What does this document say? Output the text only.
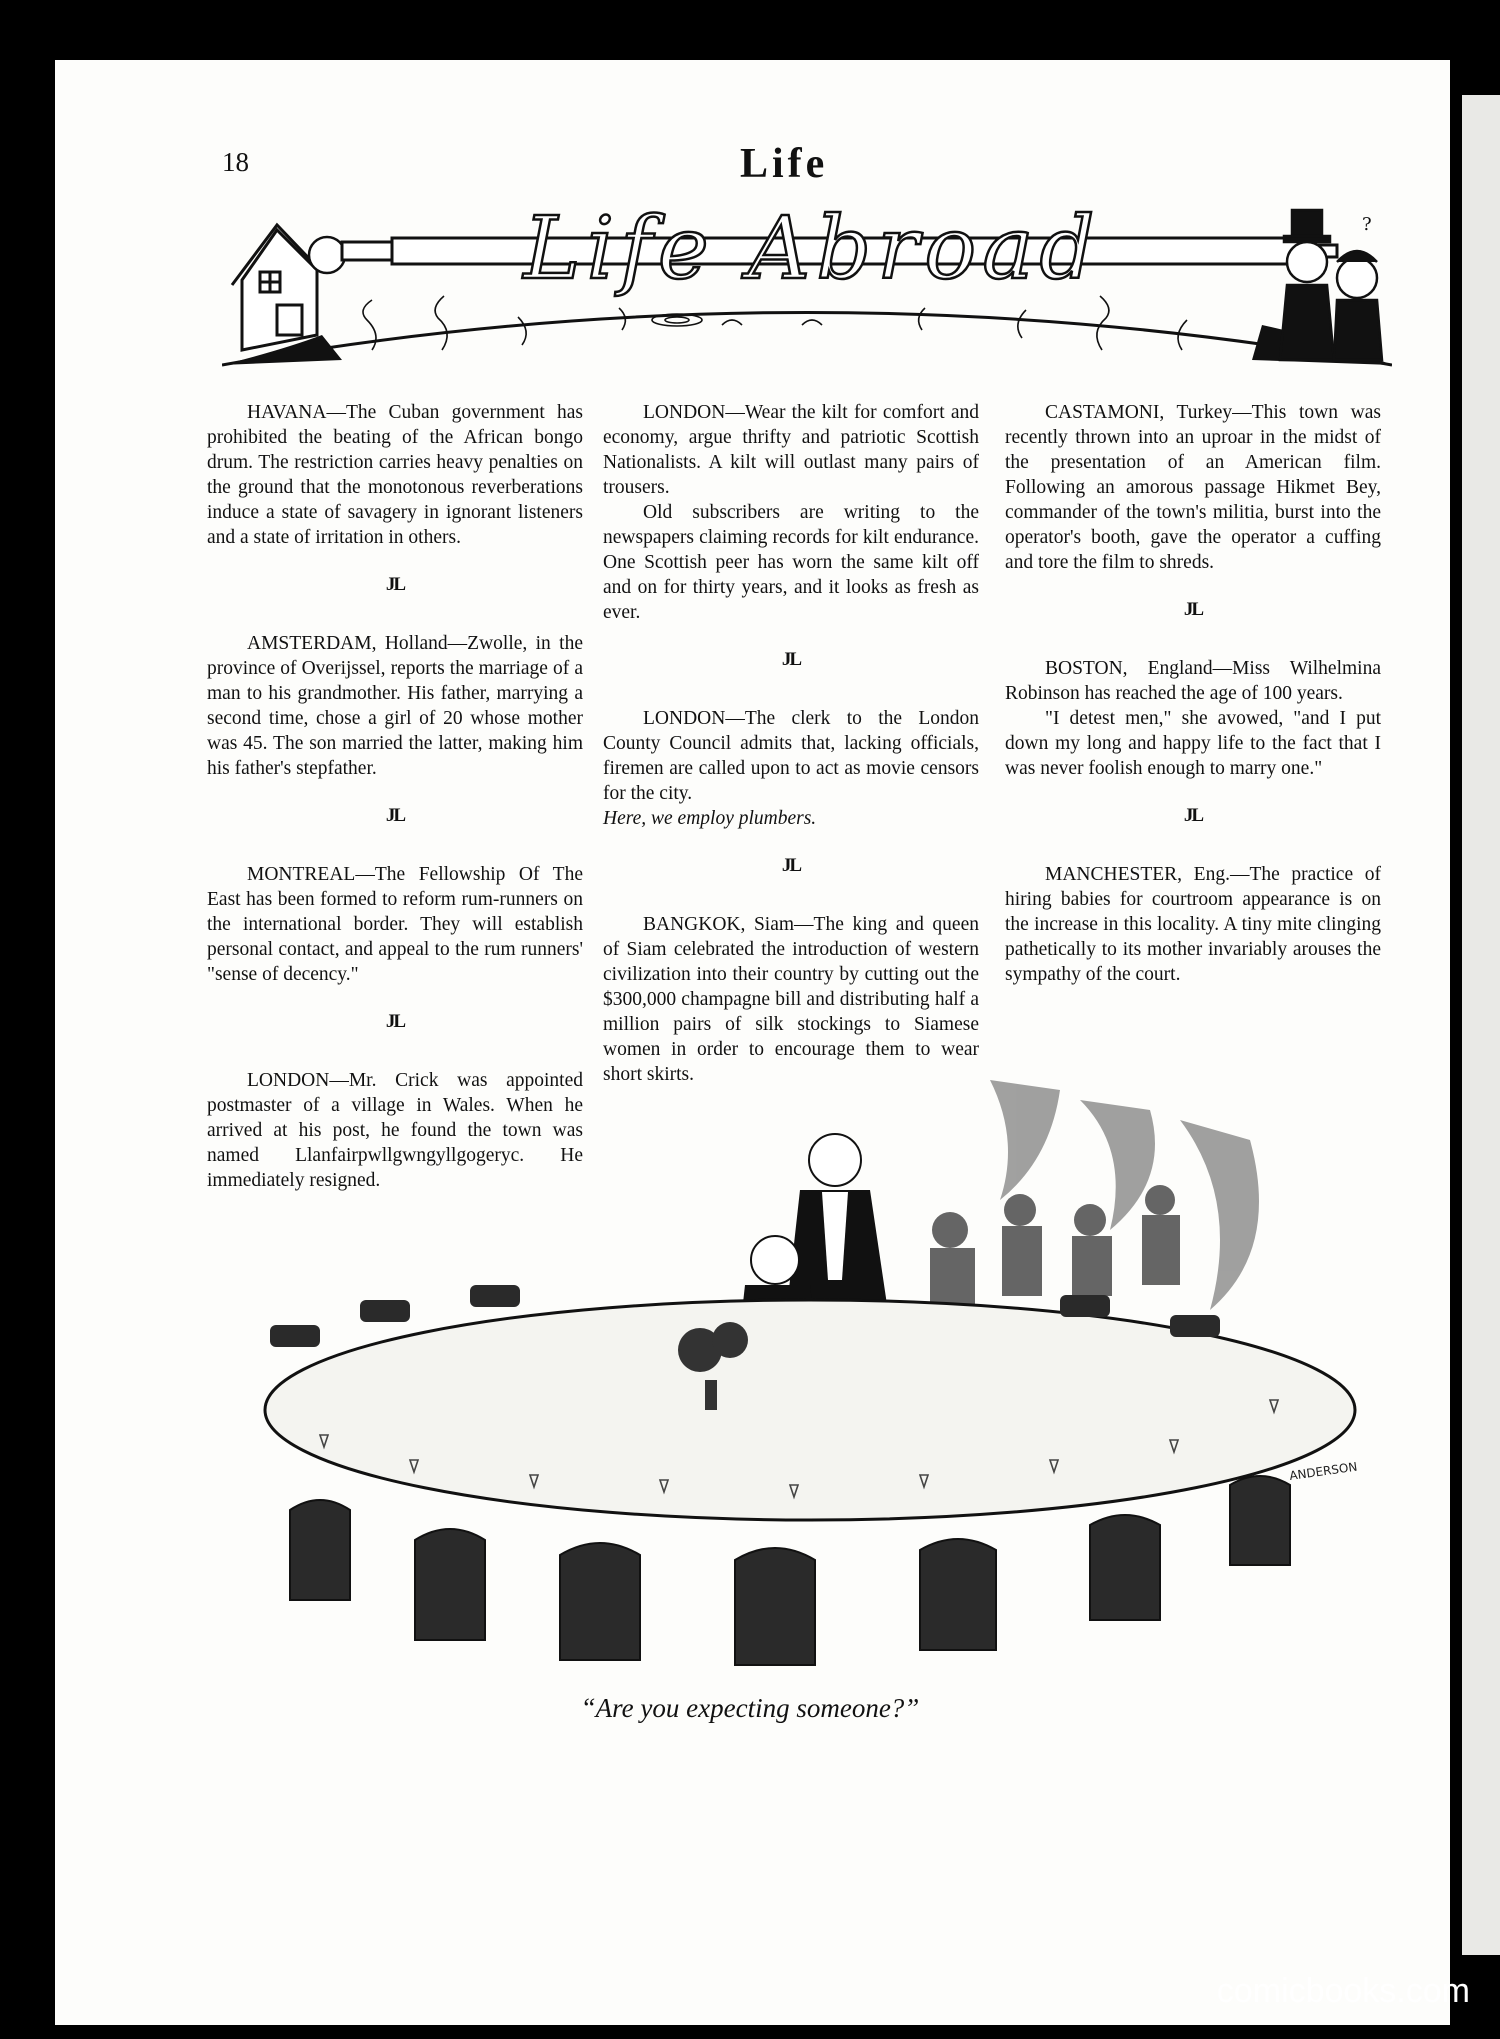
18	Life
Life Abroad	?

HAVANA—The Cuban government has prohibited the beating of the African bongo drum. The restriction carries heavy penalties on the ground that the monotonous reverberations induce a state of savagery in ignorant listeners and a state of irritation in others.

JL

AMSTERDAM, Holland—Zwolle, in the province of Overijssel, reports the marriage of a man to his grandmother. His father, marrying a second time, chose a girl of 20 whose mother was 45. The son married the latter, making him his father's stepfather.

JL

MONTREAL—The Fellowship Of The East has been formed to reform rum-runners on the international border. They will establish personal contact, and appeal to the rum runners' "sense of decency."

JL

LONDON—Mr. Crick was appointed postmaster of a village in Wales. When he arrived at his post, he found the town was named Llanfairpwllgwngyllgogeryc. He immediately resigned.

LONDON—Wear the kilt for comfort and economy, argue thrifty and patriotic Scottish Nationalists. A kilt will outlast many pairs of trousers.

Old subscribers are writing to the newspapers claiming records for kilt endurance. One Scottish peer has worn the same kilt off and on for thirty years, and it looks as fresh as ever.

JL

LONDON—The clerk to the London County Council admits that, lacking officials, firemen are called upon to act as movie censors for the city.

Here, we employ plumbers.

JL

BANGKOK, Siam—The king and queen of Siam celebrated the introduction of western civilization into their country by cutting out the $300,000 champagne bill and distributing half a million pairs of silk stockings to Siamese women in order to encourage them to wear short skirts.

CASTAMONI, Turkey—This town was recently thrown into an uproar in the midst of the presentation of an American film. Following an amorous passage Hikmet Bey, commander of the town's militia, burst into the operator's booth, gave the operator a cuffing and tore the film to shreds.

JL

BOSTON, England—Miss Wilhelmina Robinson has reached the age of 100 years.

"I detest men," she avowed, "and I put down my long and happy life to the fact that I was never foolish enough to marry one."

JL

MANCHESTER, Eng.—The practice of hiring babies for courtroom appearance is on the increase in this locality. A tiny mite clinging pathetically to its mother invariably arouses the sympathy of the court.

ANDERSON
“Are you expecting someone?”
comicbooks.com
